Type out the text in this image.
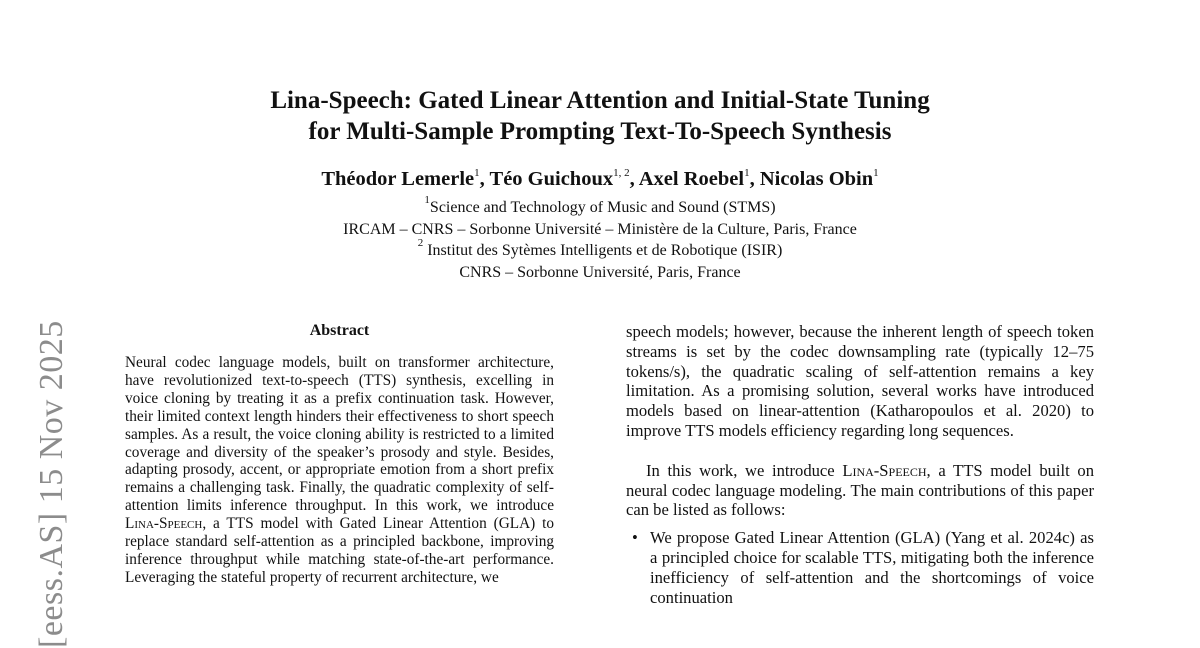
[eess.AS] 15 Nov 2025
Lina-Speech: Gated Linear Attention and Initial-State Tuning
for Multi-Sample Prompting Text-To-Speech Synthesis
Théodor Lemerle$^1$, Téo Guichoux$^{1, 2}$, Axel Roebel$^1$, Nicolas Obin$^1$
$^1$Science and Technology of Music and Sound (STMS)
IRCAM – CNRS – Sorbonne Université – Ministère de la Culture, Paris, France
$^2$ Institut des Sytèmes Intelligents et de Robotique (ISIR)
CNRS – Sorbonne Université, Paris, France
Abstract

Neural codec language models, built on transformer architecture, have revolutionized text-to-speech (TTS) synthesis, excelling in voice cloning by treating it as a prefix continuation task. However, their limited context length hinders their effectiveness to short speech samples. As a result, the voice cloning ability is restricted to a limited coverage and diversity of the speaker’s prosody and style. Besides, adapting prosody, accent, or appropriate emotion from a short prefix remains a challenging task. Finally, the quadratic complexity of self-attention limits inference throughput. In this work, we introduce Lina-Speech, a TTS model with Gated Linear Attention (GLA) to replace standard self-attention as a principled backbone, improving inference throughput while matching state-of-the-art performance. Leveraging the stateful property of recurrent architecture, we

speech models; however, because the inherent length of speech token streams is set by the codec downsampling rate (typically 12–75 tokens/s), the quadratic scaling of self-attention remains a key limitation. As a promising solution, several works have introduced models based on linear-attention (Katharopoulos et al. 2020) to improve TTS models efficiency regarding long sequences.

In this work, we introduce Lina-Speech, a TTS model built on neural codec language modeling. The main contributions of this paper can be listed as follows:

• We propose Gated Linear Attention (GLA) (Yang et al. 2024c) as a principled choice for scalable TTS, mitigating both the inference inefficiency of self-attention and the shortcomings of voice continuation
